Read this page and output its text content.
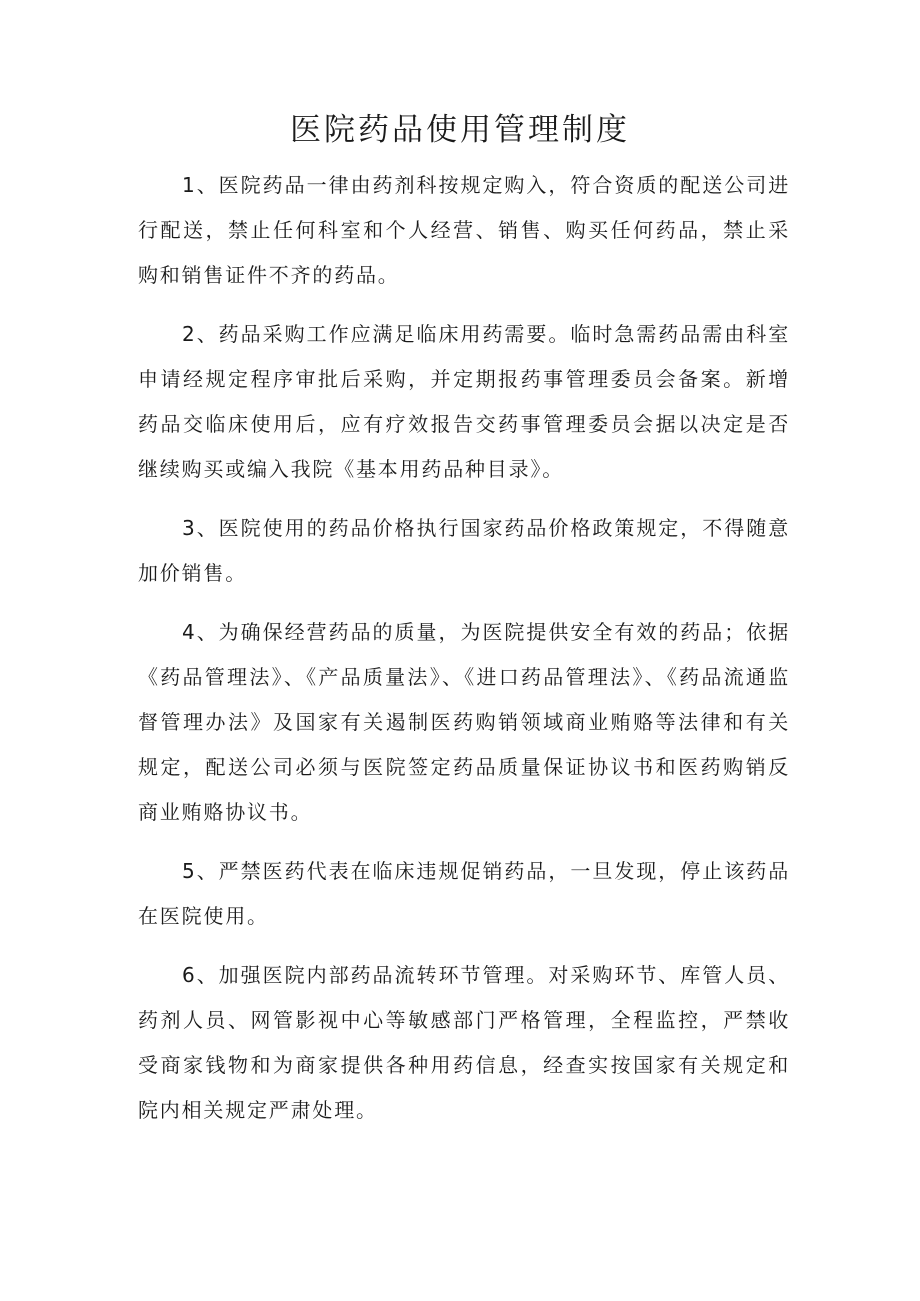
医院药品使用管理制度

1、医院药品一律由药剂科按规定购入，符合资质的配送公司进行配送，禁止任何科室和个人经营、销售、购买任何药品，禁止采购和销售证件不齐的药品。

2、药品采购工作应满足临床用药需要。临时急需药品需由科室申请经规定程序审批后采购，并定期报药事管理委员会备案。新增药品交临床使用后，应有疗效报告交药事管理委员会据以决定是否继续购买或编入我院《基本用药品种目录》。

3、医院使用的药品价格执行国家药品价格政策规定，不得随意加价销售。

4、为确保经营药品的质量，为医院提供安全有效的药品；依据《药品管理法》、《产品质量法》、《进口药品管理法》、《药品流通监督管理办法》及国家有关遏制医药购销领域商业贿赂等法律和有关规定，配送公司必须与医院签定药品质量保证协议书和医药购销反商业贿赂协议书。

5、严禁医药代表在临床违规促销药品，一旦发现，停止该药品在医院使用。

6、加强医院内部药品流转环节管理。对采购环节、库管人员、药剂人员、网管影视中心等敏感部门严格管理，全程监控，严禁收受商家钱物和为商家提供各种用药信息，经查实按国家有关规定和院内相关规定严肃处理。
